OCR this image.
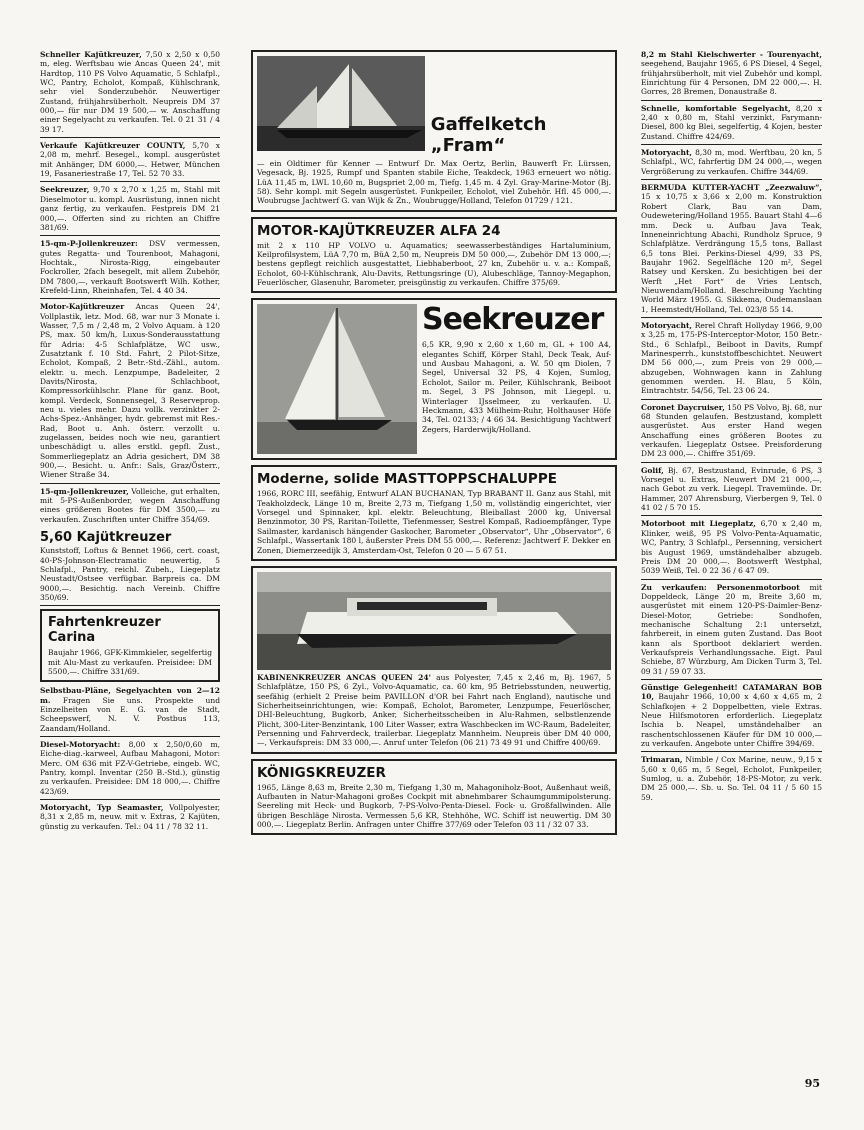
Schneller Kajütkreuzer, 7,50 x 2,50 x 0,50 m, eleg. Werftsbau wie Ancas Queen 24', mit Hardtop, 110 PS Volvo Aquamatic, 5 Schlafpl., WC, Pantry, Echolot, Kompaß, Kühlschrank, sehr viel Sonderzubehör. Neuwertiger Zustand, frühjahrsüberholt. Neupreis DM 37 000,— für nur DM 19 500,— w. Anschaffung einer Segelyacht zu verkaufen. Tel. 0 21 31 / 4 39 17.
Verkaufe Kajütkreuzer COUNTY, 5,70 x 2,08 m, mehrf. Besegel., kompl. ausgerüstet mit Anhänger, DM 6000,—. Hetwer, München 19, Fasaneriestraße 17, Tel. 52 70 33.
Seekreuzer, 9,70 x 2,70 x 1,25 m, Stahl mit Dieselmotor u. kompl. Ausrüstung, innen nicht ganz fertig, zu verkaufen. Festpreis DM 21 000,—. Offerten sind zu richten an Chiffre 381/69.
15-qm-P-Jollenkreuzer: DSV vermessen, gutes Regatta- und Tourenboot, Mahagoni, Hochtak., Nirosta-Rigg, eingebauter Fockroller, 2fach besegelt, mit allem Zubehör, DM 7800,—, verkauft Bootswerft Wilh. Kother, Krefeld-Linn, Rheinhafen, Tel. 4 40 34.
Motor-Kajütkreuzer Ancas Queen 24', Vollplastik, letz. Mod. 68, war nur 3 Monate i. Wasser, 7,5 m / 2,48 m, 2 Volvo Aquam. à 120 PS, max. 50 km/h, Luxus-Sonderausstattung für Adria: 4-5 Schlafplätze, WC usw., Zusatztank f. 10 Std. Fahrt, 2 Pilot-Sitze, Echolot, Kompaß, 2 Betr.-Std.-Zähl., autom. elektr. u. mech. Lenzpumpe, Badeleiter, 2 Davits/Nirosta, Schlachboot, Kompressorkühlschr. Plane für ganz. Boot, kompl. Verdeck, Sonnensegel, 3 Reserveprop. neu u. vieles mehr. Dazu vollk. verzinkter 2-Achs-Spez.-Anhänger, hydr. gebremst mit Res.-Rad, Boot u. Anh. österr. verzollt u. zugelassen, beides noch wie neu, garantiert unbeschädigt u. alles erstkl. gepfl. Zust., Sommerliegeplatz an Adria gesichert, DM 38 900,—. Besicht. u. Anfr.: Sals, Graz/Österr., Wiener Straße 34.
15-qm-Jollenkreuzer, Volleiche, gut erhalten, mit 5-PS-Außenborder, wegen Anschaffung eines größeren Bootes für DM 3500,— zu verkaufen. Zuschriften unter Chiffre 354/69.
5,60 Kajütkreuzer
Kunststoff, Loftus & Bennet 1966, cert. coast, 40-PS-Johnson-Electramatic neuwertig, 5 Schlafpl., Pantry, reichl. Zubeh., Liegeplatz Neustadt/Ostsee verfügbar. Barpreis ca. DM 9000,—. Besichtig. nach Vereinb. Chiffre 350/69.
Fahrtenkreuzer Carina
Baujahr 1966, GFK-Kimmkieler, segelfertig mit Alu-Mast zu verkaufen. Preisidee: DM 5500,—. Chiffre 331/69.
Selbstbau-Pläne, Segelyachten von 2—12 m. Fragen Sie uns. Prospekte und Einzelheiten von E. G. van de Stadt, Scheepswerf, N. V. Postbus 113, Zaandam/Holland.
Diesel-Motoryacht: 8,00 x 2,50/0,60 m, Eiche-diag.-karweel, Aufbau Mahagoni, Motor: Merc. OM 636 mit FZ-V-Getriebe, eingeb. WC, Pantry, kompl. Inventar (250 B.-Std.), günstig zu verkaufen. Preisidee: DM 18 000,—. Chiffre 423/69.
Motoryacht, Typ Seamaster, Vollpolyester, 8,31 x 2,85 m, neuw. mit v. Extras, 2 Kajüten, günstig zu verkaufen. Tel.: 04 11 / 78 32 11.
Gaffelketch „Fram“
— ein Oldtimer für Kenner — Entwurf Dr. Max Oertz, Berlin, Bauwerft Fr. Lürssen, Vegesack, Bj. 1925, Rumpf und Spanten stabile Eiche, Teakdeck, 1963 erneuert wo nötig. LüA 11,45 m, LWL 10,60 m, Bugspriet 2,00 m, Tiefg. 1,45 m. 4 Zyl. Gray-Marine-Motor (Bj. 58). Sehr kompl. mit Segeln ausgerüstet. Funkpeiler, Echolot, viel Zubehör. Hfl. 45 000,—. Woubrugse Jachtwerf G. van Wijk & Zn., Woubrugge/Holland, Telefon 01729 / 121.
MOTOR-KAJÜTKREUZER ALFA 24
mit 2 x 110 HP VOLVO u. Aquamatics; seewasserbeständiges Hartaluminium, Keilprofilsystem, LüA 7,70 m, BüA 2,50 m, Neupreis DM 50 000,—, Zubehör DM 13 000,—; bestens gepflegt reichlich ausgestattet, Liebhaberboot, 27 kn, Zubehör u. v. a.: Kompaß, Echolot, 60-l-Kühlschrank, Alu-Davits, Rettungsringe (U), Alubeschläge, Tannoy-Megaphon, Feuerlöscher, Glasenuhr, Barometer, preisgünstig zu verkaufen. Chiffre 375/69.
Seekreuzer
6,5 KR, 9,90 x 2,60 x 1,60 m, GL + 100 A4, elegantes Schiff, Körper Stahl, Deck Teak, Auf- und Ausbau Mahagoni, a. W. 50 qm Diolen, 7 Segel, Universal 32 PS, 4 Kojen, Sumlog, Echolot, Sailor m. Peiler, Kühlschrank, Beiboot m. Segel, 3 PS Johnson, mit Liegepl. u. Winterlager IJsselmeer, zu verkaufen. U. Heckmann, 433 Mülheim-Ruhr, Holthauser Höfe 34, Tel. 02133; / 4 66 34. Besichtigung Yachtwerf Zegers, Harderwijk/Holland.
Moderne, solide MASTTOPPSCHALUPPE
1966, RORC III, seefähig, Entwurf ALAN BUCHANAN, Typ BRABANT II. Ganz aus Stahl, mit Teakholzdeck, Länge 10 m, Breite 2,73 m, Tiefgang 1,50 m, vollständig eingerichtet, vier Vorsegel und Spinnaker, kpl. elektr. Beleuchtung, Bleiballast 2000 kg, Universal Benzinmotor, 30 PS, Raritan-Toilette, Tiefenmesser, Sestrel Kompaß, Radioempfänger, Type Sailmaster, kardanisch hängender Gaskocher, Barometer „Observator“, Uhr „Observator“, 6 Schlafpl., Wassertank 180 l, äußerster Preis DM 55 000,—. Referenz: Jachtwerf F. Dekker en Zonen, Diemerzeedijk 3, Amsterdam-Ost, Telefon 0 20 — 5 67 51.
KABINENKREUZER ANCAS QUEEN 24' aus Polyester, 7,45 x 2,46 m, Bj. 1967, 5 Schlafplätze, 150 PS, 6 Zyl., Volvo-Aquamatic, ca. 60 km, 95 Betriebsstunden, neuwertig, seefähig (erhielt 2 Preise beim PAVILLON d'OR bei Fahrt nach England), nautische und Sicherheitseinrichtungen, wie: Kompaß, Echolot, Barometer, Lenzpumpe, Feuerlöscher, DHI-Beleuchtung, Bugkorb, Anker, Sicherheitsscheiben in Alu-Rahmen, selbstlenzende Plicht, 300-Liter-Benzintank, 100 Liter Wasser, extra Waschbecken im WC-Raum, Badeleiter, Persenning und Fahrverdeck, trailerbar. Liegeplatz Mannheim. Neupreis über DM 40 000,—, Verkaufspreis: DM 33 000,—. Anruf unter Telefon (06 21) 73 49 91 und Chiffre 400/69.
KÖNIGSKREUZER
1965, Länge 8,63 m, Breite 2,30 m, Tiefgang 1,30 m, Mahagoniholz-Boot, Außenhaut weiß, Aufbauten in Natur-Mahagoni großes Cockpit mit abnehmbarer Schaumgummipolsterung. Seereling mit Heck- und Bugkorb, 7-PS-Volvo-Penta-Diesel. Fock- u. Großfallwinden. Alle übrigen Beschläge Nirosta. Vermessen 5,6 KR, Stehhöhe, WC. Schiff ist neuwertig. DM 30 000,—. Liegeplatz Berlin. Anfragen unter Chiffre 377/69 oder Telefon 03 11 / 32 07 33.
8,2 m Stahl Kielschwerter - Tourenyacht, seegehend, Baujahr 1965, 6 PS Diesel, 4 Segel, frühjahrsüberholt, mit viel Zubehör und kompl. Einrichtung für 4 Personen, DM 22 000,—. H. Gorres, 28 Bremen, Donaustraße 8.
Schnelle, komfortable Segelyacht, 8,20 x 2,40 x 0,80 m, Stahl verzinkt, Farymann-Diesel, 800 kg Blei, segelfertig, 4 Kojen, bester Zustand. Chiffre 424/69.
Motoryacht, 8,30 m, mod. Werftbau, 20 kn, 5 Schlafpl., WC, fahrfertig DM 24 000,—, wegen Vergrößerung zu verkaufen. Chiffre 344/69.
BERMUDA KUTTER-YACHT „Zeezwaluw“, 15 x 10,75 x 3,66 x 2,00 m. Konstruktion Robert Clark, Bau van Dam, Oudewetering/Holland 1955. Bauart Stahl 4—6 mm. Deck u. Aufbau Java Teak, Inneneinrichtung Abachi, Rundholz Spruce, 9 Schlafplätze. Verdrängung 15,5 tons, Ballast 6,5 tons Blei. Perkins-Diesel 4/99, 33 PS, Baujahr 1962. Segelfläche 120 m², Segel Ratsey und Kersken. Zu besichtigen bei der Werft „Het Fort“ de Vries Lentsch, Nieuwendam/Holland. Beschreibung Yachting World März 1955. G. Sikkema, Oudemanslaan 1, Heemstedt/Holland, Tel. 023/8 55 14.
Motoryacht, Rerel Chraft Hollyday 1966, 9,00 x 3,25 m, 175-PS-Interceptor-Motor, 150 Betr.-Std., 6 Schlafpl., Beiboot in Davits, Rumpf Marinesperrh., kunststoffbeschichtet. Neuwert DM 56 000,—, zum Preis von 29 000,— abzugeben, Wohnwagen kann in Zahlung genommen werden. H. Blau, 5 Köln, Eintrachtstr. 54/56, Tel. 23 06 24.
Coronet Daycruiser, 150 PS Volvo, Bj. 68, nur 68 Stunden gelaufen. Bestzustand, komplett ausgerüstet. Aus erster Hand wegen Anschaffung eines größeren Bootes zu verkaufen. Liegeplatz Ostsee. Preisforderung DM 23 000,—. Chiffre 351/69.
Golif, Bj. 67, Bestzustand, Evinrude, 6 PS, 3 Vorsegel u. Extras, Neuwert DM 21 000,—, nach Gebot zu verk. Liegepl. Travemünde. Dr. Hammer, 207 Ahrensburg, Vierbergen 9, Tel. 0 41 02 / 5 70 15.
Motorboot mit Liegeplatz, 6,70 x 2,40 m, Klinker, weiß, 95 PS Volvo-Penta-Aquamatic, WC, Pantry, 3 Schlafpl., Persenning, versichert bis August 1969, umständehalber abzugeb. Preis DM 20 000,—. Bootswerft Westphal, 5039 Weiß, Tel. 0 22 36 / 6 47 09.
Zu verkaufen: Personenmotorboot mit Doppeldeck, Länge 20 m, Breite 3,60 m, ausgerüstet mit einem 120-PS-Daimler-Benz-Diesel-Motor, Getriebe: Sondhofen, mechanische Schaltung 2:1 untersetzt, fahrbereit, in einem guten Zustand. Das Boot kann als Sportboot deklariert werden. Verkaufspreis Verhandlungssache. Eigt. Paul Schiebe, 87 Würzburg, Am Dicken Turm 3, Tel. 09 31 / 59 07 33.
Günstige Gelegenheit! CATAMARAN BOB 10, Baujahr 1966, 10,00 x 4,60 x 4,65 m, 2 Schlafkojen + 2 Doppelbetten, viele Extras. Neue Hilfsmotoren erforderlich. Liegeplatz Ischia b. Neapel, umständehalber an raschentschlossenen Käufer für DM 10 000,— zu verkaufen. Angebote unter Chiffre 394/69.
Trimaran, Nimble / Cox Marine, neuw., 9,15 x 5,60 x 0,65 m, 5 Segel, Echolot, Funkpeiler, Sumlog, u. a. Zubehör, 18-PS-Motor, zu verk. DM 25 000,—. Sb. u. So. Tel. 04 11 / 5 60 15 59.
95
